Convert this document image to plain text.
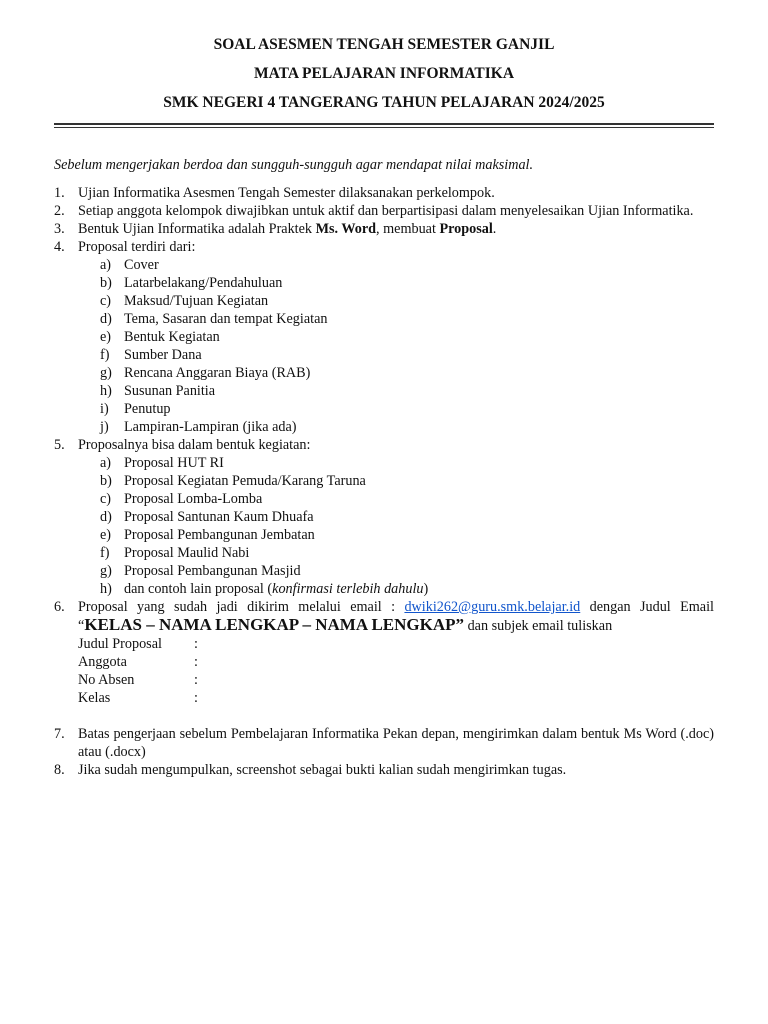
SOAL ASESMEN TENGAH SEMESTER GANJIL
MATA PELAJARAN INFORMATIKA
SMK NEGERI 4 TANGERANG TAHUN PELAJARAN 2024/2025
Sebelum mengerjakan berdoa dan sungguh-sungguh agar mendapat nilai maksimal.
1. Ujian Informatika Asesmen Tengah Semester dilaksanakan perkelompok.
2. Setiap anggota kelompok diwajibkan untuk aktif dan berpartisipasi dalam menyelesaikan Ujian Informatika.
3. Bentuk Ujian Informatika adalah Praktek Ms. Word, membuat Proposal.
4. Proposal terdiri dari:
a) Cover
b) Latarbelakang/Pendahuluan
c) Maksud/Tujuan Kegiatan
d) Tema, Sasaran dan tempat Kegiatan
e) Bentuk Kegiatan
f) Sumber Dana
g) Rencana Anggaran Biaya (RAB)
h) Susunan Panitia
i) Penutup
j) Lampiran-Lampiran (jika ada)
5. Proposalnya bisa dalam bentuk kegiatan:
a) Proposal HUT RI
b) Proposal Kegiatan Pemuda/Karang Taruna
c) Proposal Lomba-Lomba
d) Proposal Santunan Kaum Dhuafa
e) Proposal Pembangunan Jembatan
f) Proposal Maulid Nabi
g) Proposal Pembangunan Masjid
h) dan contoh lain proposal (konfirmasi terlebih dahulu)
6. Proposal yang sudah jadi dikirim melalui email : dwiki262@guru.smk.belajar.id dengan Judul Email “KELAS – NAMA LENGKAP – NAMA LENGKAP” dan subjek email tuliskan
Judul Proposal :
Anggota	:
No Absen	:
Kelas	:
7. Batas pengerjaan sebelum Pembelajaran Informatika Pekan depan, mengirimkan dalam bentuk Ms Word (.doc) atau (.docx)
8. Jika sudah mengumpulkan, screenshot sebagai bukti kalian sudah mengirimkan tugas.
